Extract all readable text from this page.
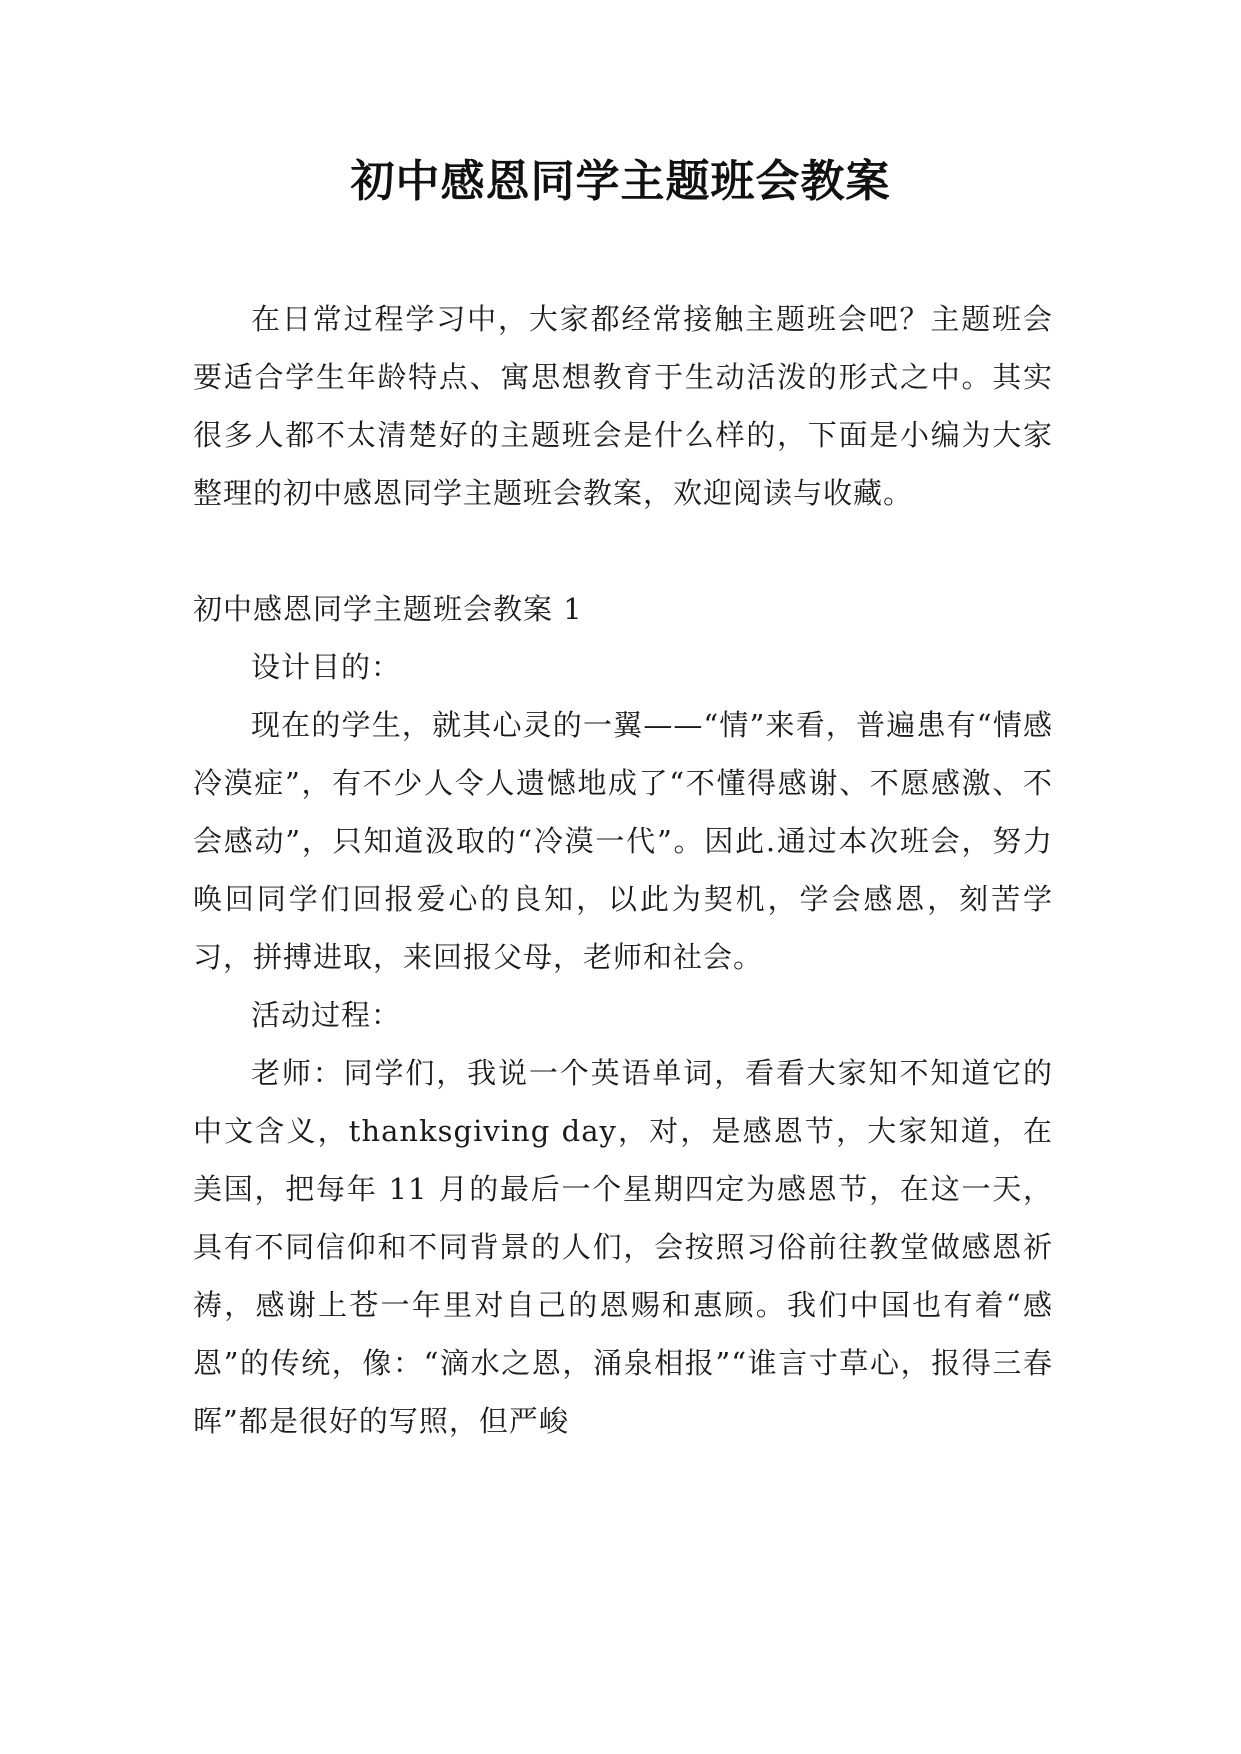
初中感恩同学主题班会教案

在日常过程学习中，大家都经常接触主题班会吧？主题班会要适合学生年龄特点、寓思想教育于生动活泼的形式之中。其实很多人都不太清楚好的主题班会是什么样的，下面是小编为大家整理的初中感恩同学主题班会教案，欢迎阅读与收藏。

初中感恩同学主题班会教案 1

设计目的：

现在的学生，就其心灵的一翼——“情”来看，普遍患有“情感冷漠症”，有不少人令人遗憾地成了“不懂得感谢、不愿感激、不会感动”，只知道汲取的“冷漠一代”。因此.通过本次班会，努力唤回同学们回报爱心的良知，以此为契机，学会感恩，刻苦学习，拼搏进取，来回报父母，老师和社会。

活动过程：

老师：同学们，我说一个英语单词，看看大家知不知道它的中文含义，thanksgiving day，对，是感恩节，大家知道，在美国，把每年 11 月的最后一个星期四定为感恩节，在这一天，具有不同信仰和不同背景的人们，会按照习俗前往教堂做感恩祈祷，感谢上苍一年里对自己的恩赐和惠顾。我们中国也有着“感恩”的传统，像：“滴水之恩，涌泉相报”“谁言寸草心，报得三春晖”都是很好的写照，但严峻
